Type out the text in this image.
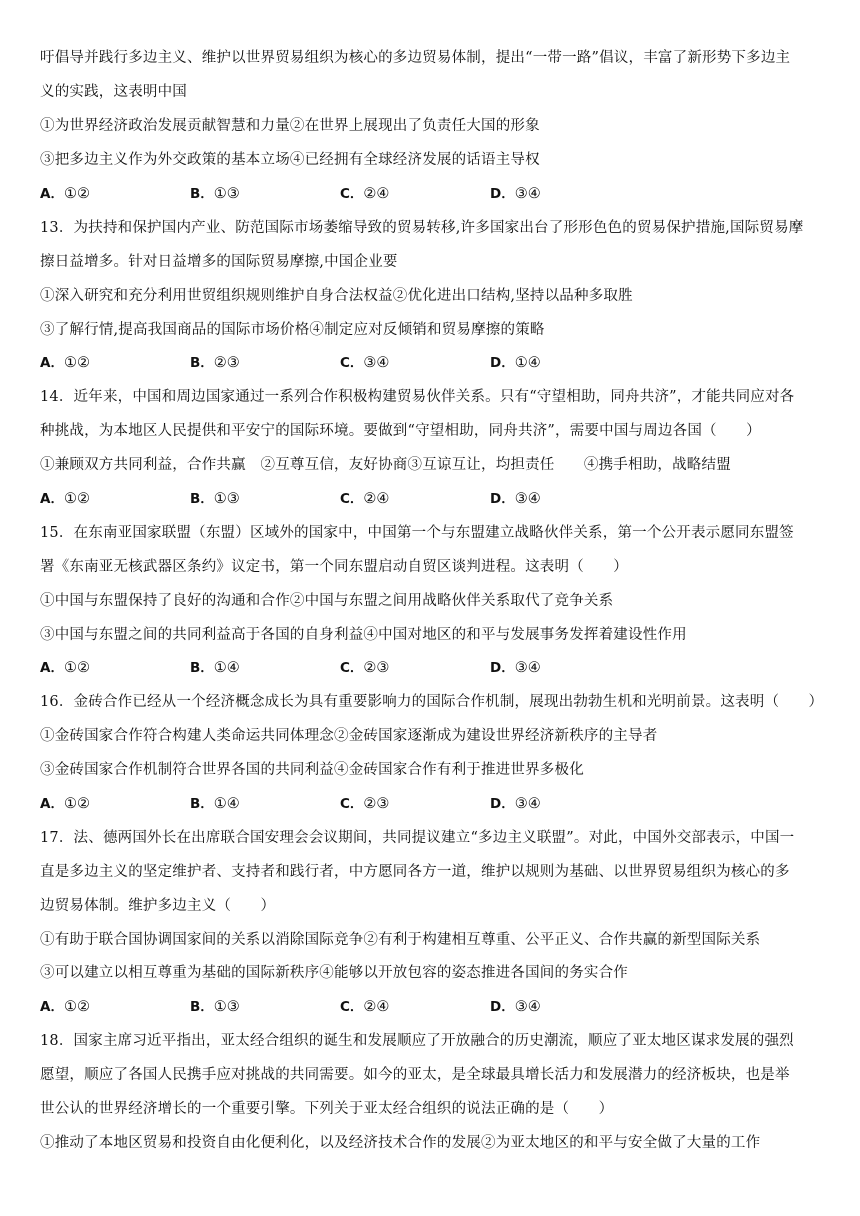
吁倡导并践行多边主义、维护以世界贸易组织为核心的多边贸易体制，提出“一带一路”倡议，丰富了新形势下多边主
义的实践，这表明中国
①为世界经济政治发展贡献智慧和力量②在世界上展现出了负责任大国的形象
③把多边主义作为外交政策的基本立场④已经拥有全球经济发展的话语主导权
A．①②	B．①③	C．②④	D．③④
13．为扶持和保护国内产业、防范国际市场萎缩导致的贸易转移,许多国家出台了形形色色的贸易保护措施,国际贸易摩
擦日益增多。针对日益增多的国际贸易摩擦,中国企业要
①深入研究和充分利用世贸组织规则维护自身合法权益②优化进出口结构,坚持以品种多取胜
③了解行情,提高我国商品的国际市场价格④制定应对反倾销和贸易摩擦的策略
A．①②	B．②③	C．③④	D．①④
14．近年来，中国和周边国家通过一系列合作积极构建贸易伙伴关系。只有“守望相助，同舟共济”，才能共同应对各
种挑战，为本地区人民提供和平安宁的国际环境。要做到“守望相助，同舟共济”，需要中国与周边各国（　　）
①兼顾双方共同利益，合作共赢　②互尊互信，友好协商③互谅互让，均担责任　　④携手相助，战略结盟
A．①②	B．①③	C．②④	D．③④
15．在东南亚国家联盟（东盟）区域外的国家中，中国第一个与东盟建立战略伙伴关系，第一个公开表示愿同东盟签
署《东南亚无核武器区条约》议定书，第一个同东盟启动自贸区谈判进程。这表明（　　）
①中国与东盟保持了良好的沟通和合作②中国与东盟之间用战略伙伴关系取代了竞争关系
③中国与东盟之间的共同利益高于各国的自身利益④中国对地区的和平与发展事务发挥着建设性作用
A．①②	B．①④	C．②③	D．③④
16．金砖合作已经从一个经济概念成长为具有重要影响力的国际合作机制，展现出勃勃生机和光明前景。这表明（　　）
①金砖国家合作符合构建人类命运共同体理念②金砖国家逐渐成为建设世界经济新秩序的主导者
③金砖国家合作机制符合世界各国的共同利益④金砖国家合作有利于推进世界多极化
A．①②	B．①④	C．②③	D．③④
17．法、德两国外长在出席联合国安理会会议期间，共同提议建立“多边主义联盟”。对此，中国外交部表示，中国一
直是多边主义的坚定维护者、支持者和践行者，中方愿同各方一道，维护以规则为基础、以世界贸易组织为核心的多
边贸易体制。维护多边主义（　　）
①有助于联合国协调国家间的关系以消除国际竞争②有利于构建相互尊重、公平正义、合作共赢的新型国际关系
③可以建立以相互尊重为基础的国际新秩序④能够以开放包容的姿态推进各国间的务实合作
A．①②	B．①③	C．②④	D．③④
18．国家主席习近平指出，亚太经合组织的诞生和发展顺应了开放融合的历史潮流，顺应了亚太地区谋求发展的强烈
愿望，顺应了各国人民携手应对挑战的共同需要。如今的亚太，是全球最具增长活力和发展潜力的经济板块，也是举
世公认的世界经济增长的一个重要引擎。下列关于亚太经合组织的说法正确的是（　　）
①推动了本地区贸易和投资自由化便利化，以及经济技术合作的发展②为亚太地区的和平与安全做了大量的工作
